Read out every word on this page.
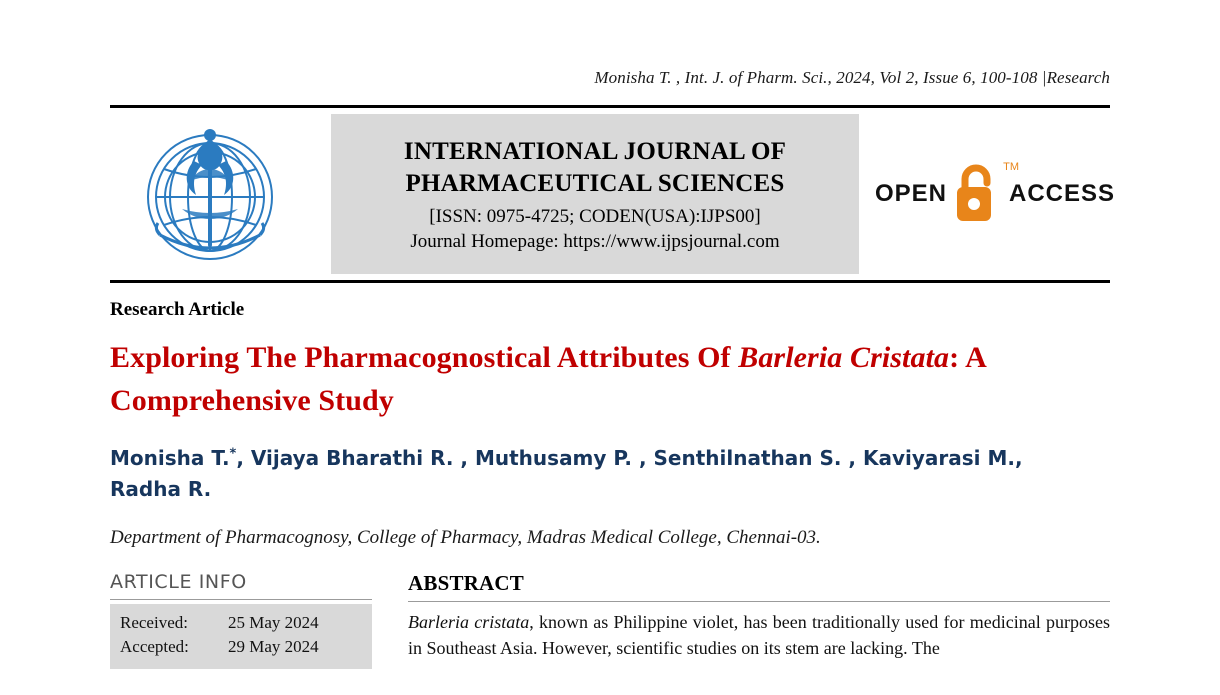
Monisha T. , Int. J. of Pharm. Sci., 2024, Vol 2, Issue 6, 100-108 |Research
INTERNATIONAL JOURNAL OF
PHARMACEUTICAL SCIENCES
[ISSN: 0975-4725; CODEN(USA):IJPS00]
Journal Homepage: https://www.ijpsjournal.com
OPEN
TM
ACCESS
Research Article
Exploring The Pharmacognostical Attributes Of Barleria Cristata: A Comprehensive Study
Monisha T.*, Vijaya Bharathi R. , Muthusamy P. , Senthilnathan S. , Kaviyarasi M.,
Radha R.
Department of Pharmacognosy, College of Pharmacy, Madras Medical College, Chennai-03.
ARTICLE INFO
Received:	25 May 2024
Accepted:	29 May 2024
ABSTRACT
Barleria cristata, known as Philippine violet, has been traditionally used for medicinal purposes in Southeast Asia. However, scientific studies on its stem are lacking. The
